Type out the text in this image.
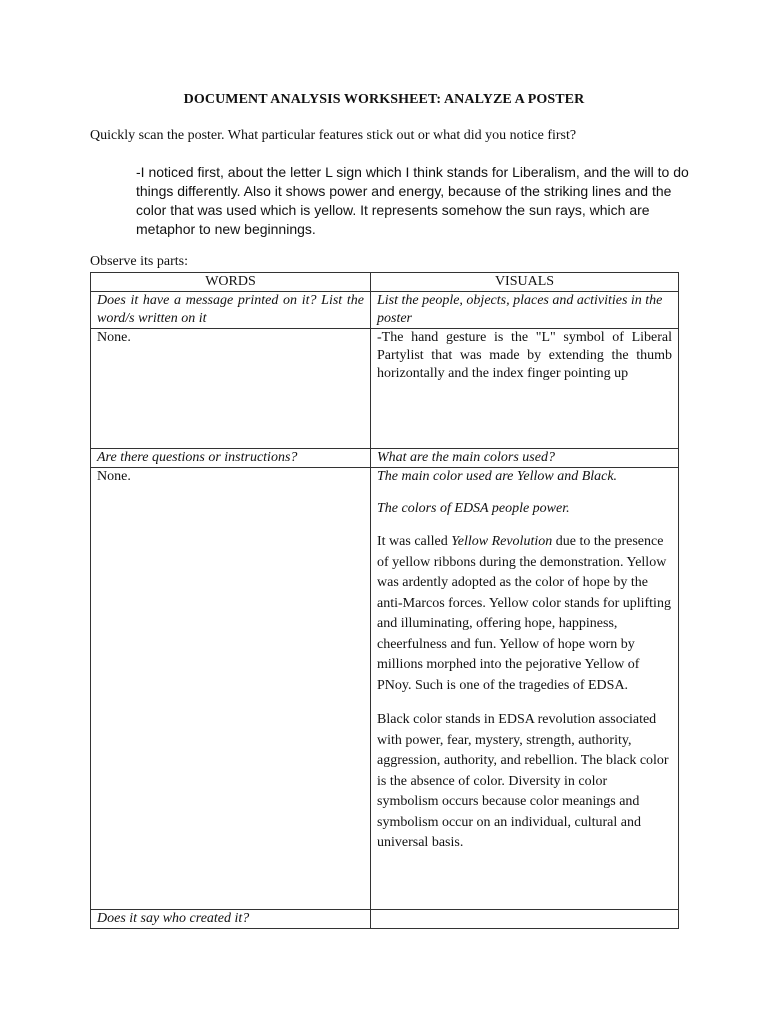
DOCUMENT ANALYSIS WORKSHEET: ANALYZE A POSTER
Quickly scan the poster. What particular features stick out or what did you notice first?
-I noticed first, about the letter L sign which I think stands for Liberalism, and the will to do things differently. Also it shows power and energy, because of the striking lines and the color that was used which is yellow. It represents somehow the sun rays, which are metaphor to new beginnings.
Observe its parts:
WORDS	VISUALS
Does it have a message printed on it? List the word/s written on it	List the people, objects, places and activities in the poster
None.	-The hand gesture is the "L" symbol of Liberal Partylist that was made by extending the thumb horizontally and the index finger pointing up
Are there questions or instructions?	What are the main colors used?
None.	The main color used are Yellow and Black.

The colors of EDSA people power.

It was called Yellow Revolution due to the presence of yellow ribbons during the demonstration. Yellow was ardently adopted as the color of hope by the anti-Marcos forces. Yellow color stands for uplifting and illuminating, offering hope, happiness, cheerfulness and fun. Yellow of hope worn by millions morphed into the pejorative Yellow of PNoy. Such is one of the tragedies of EDSA.

Black color stands in EDSA revolution associated with power, fear, mystery, strength, authority, aggression, authority, and rebellion. The black color is the absence of color. Diversity in color symbolism occurs because color meanings and symbolism occur on an individual, cultural and universal basis.

Does it say who created it?	
